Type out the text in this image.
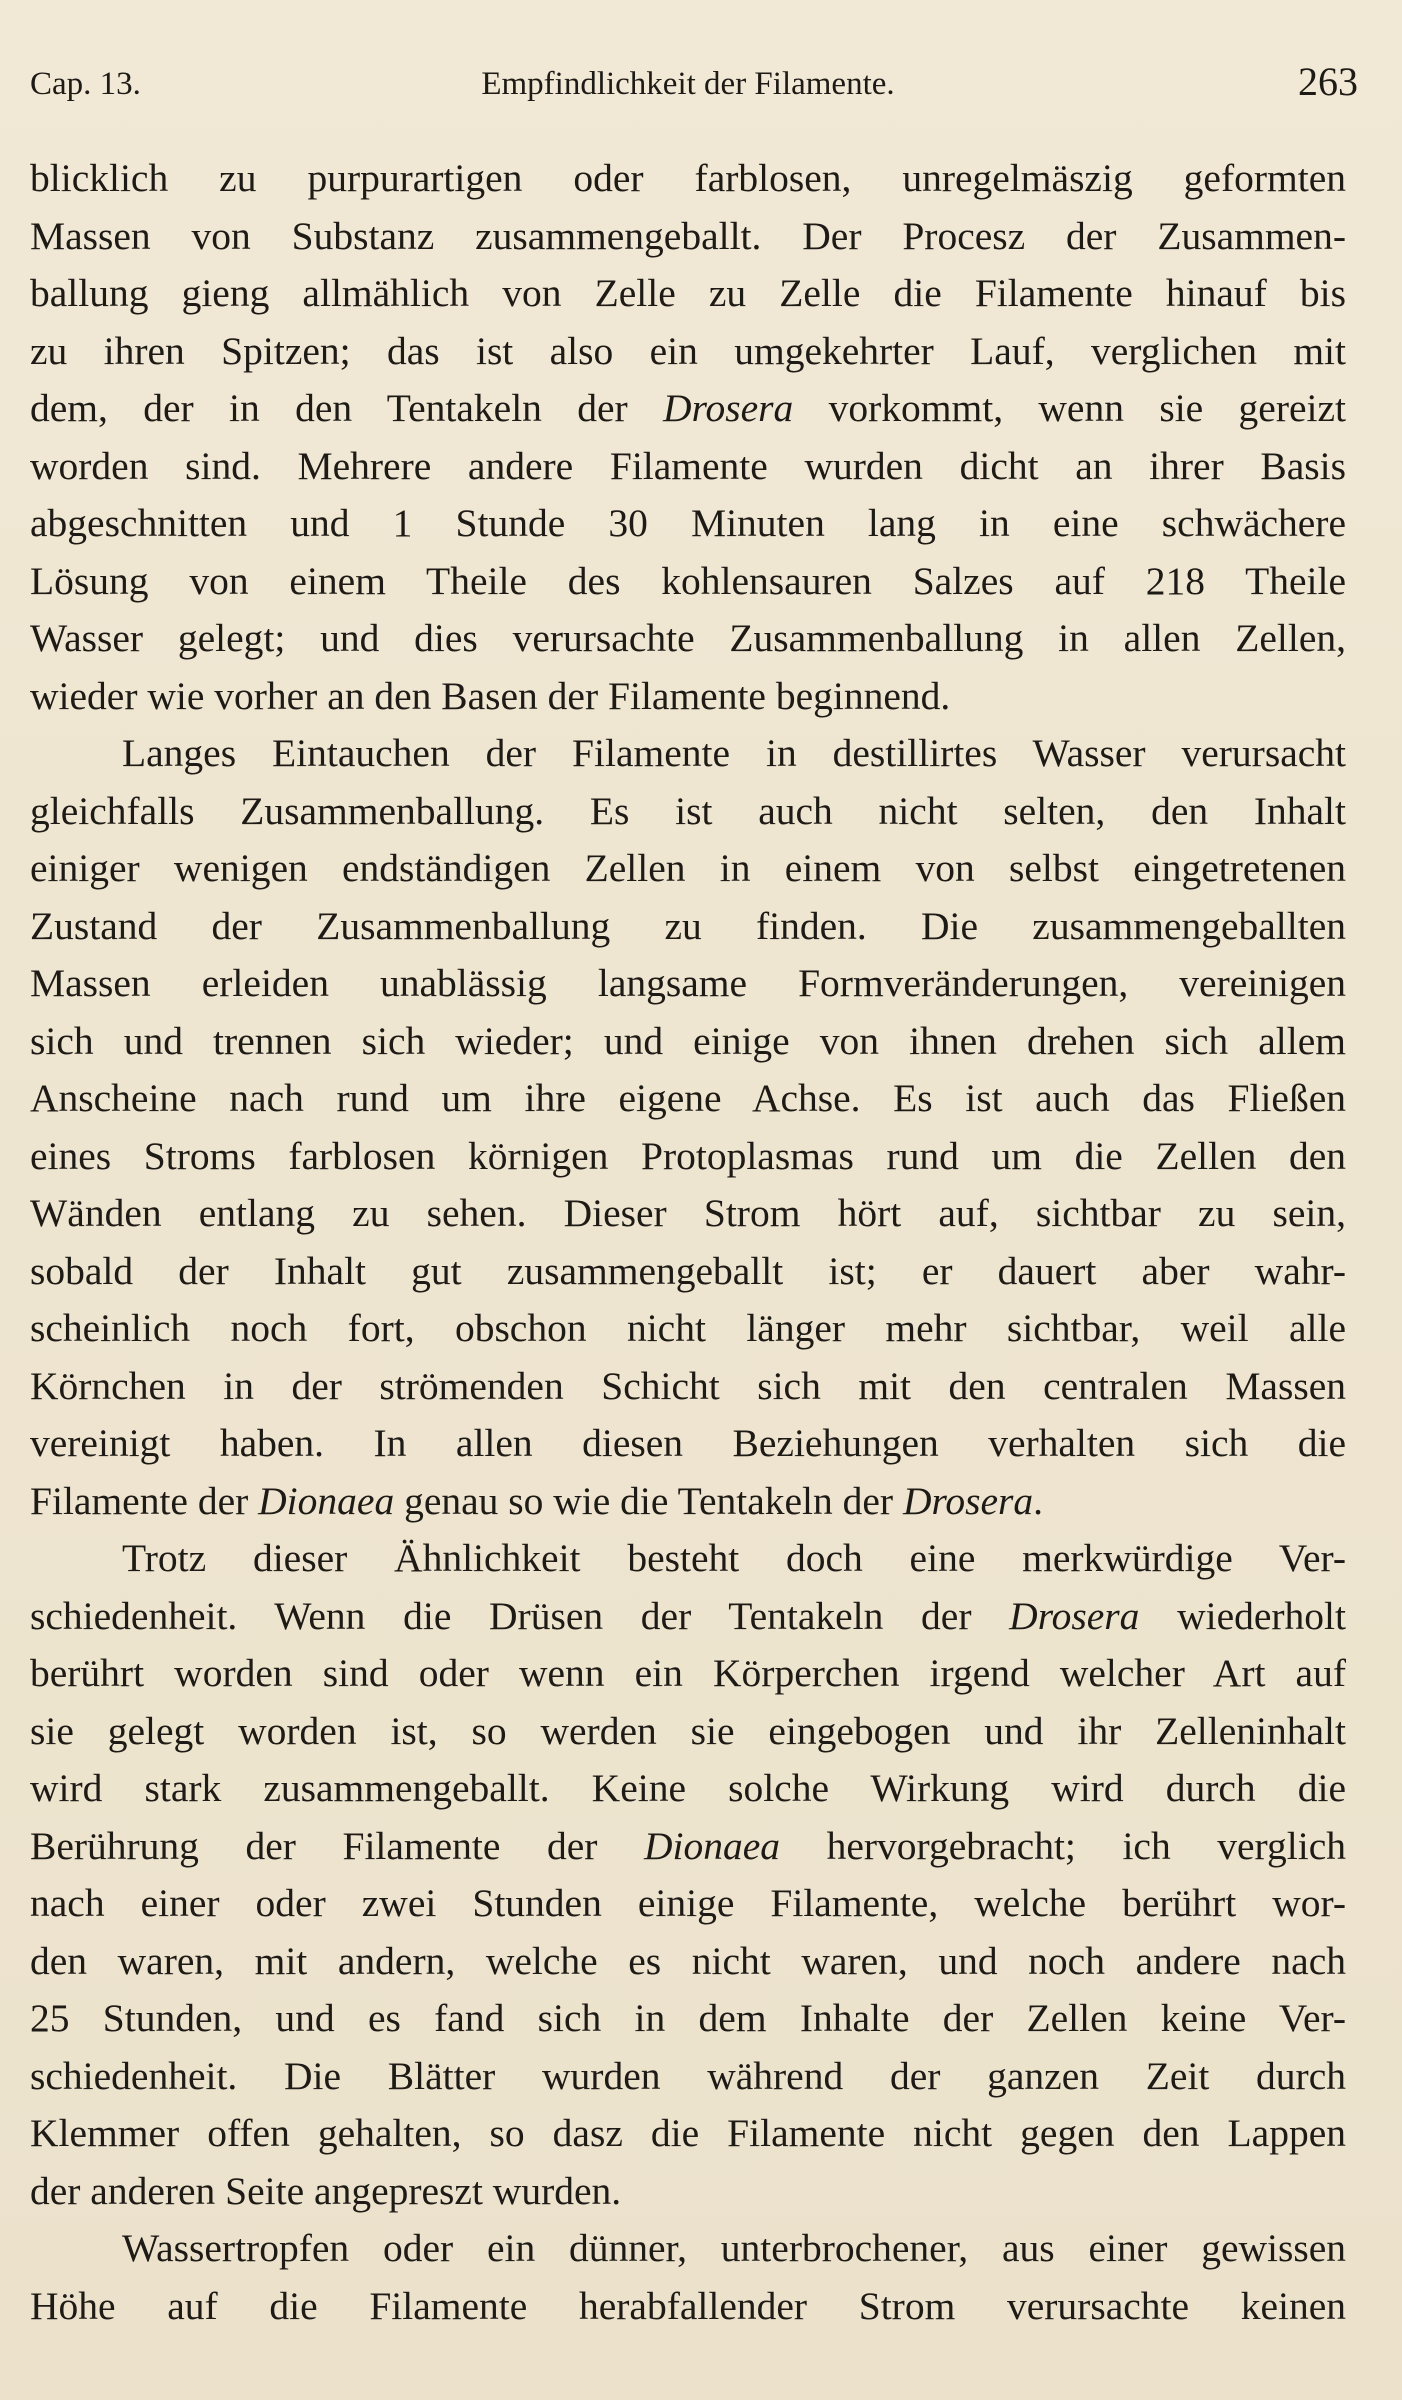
Cap. 13.	Empfindlichkeit der Filamente.	263
blicklich zu purpurartigen oder farblosen, unregelmäszig geformten
Massen von Substanz zusammengeballt. Der Procesz der Zusammen-
ballung gieng allmählich von Zelle zu Zelle die Filamente hinauf bis
zu ihren Spitzen; das ist also ein umgekehrter Lauf, verglichen mit
dem, der in den Tentakeln der Drosera vorkommt, wenn sie gereizt
worden sind. Mehrere andere Filamente wurden dicht an ihrer Basis
abgeschnitten und 1 Stunde 30 Minuten lang in eine schwächere
Lösung von einem Theile des kohlensauren Salzes auf 218 Theile
Wasser gelegt; und dies verursachte Zusammenballung in allen Zellen,
wieder wie vorher an den Basen der Filamente beginnend.
Langes Eintauchen der Filamente in destillirtes Wasser verursacht
gleichfalls Zusammenballung. Es ist auch nicht selten, den Inhalt
einiger wenigen endständigen Zellen in einem von selbst eingetretenen
Zustand der Zusammenballung zu finden. Die zusammengeballten
Massen erleiden unablässig langsame Formveränderungen, vereinigen
sich und trennen sich wieder; und einige von ihnen drehen sich allem
Anscheine nach rund um ihre eigene Achse. Es ist auch das Fließen
eines Stroms farblosen körnigen Protoplasmas rund um die Zellen den
Wänden entlang zu sehen. Dieser Strom hört auf, sichtbar zu sein,
sobald der Inhalt gut zusammengeballt ist; er dauert aber wahr-
scheinlich noch fort, obschon nicht länger mehr sichtbar, weil alle
Körnchen in der strömenden Schicht sich mit den centralen Massen
vereinigt haben. In allen diesen Beziehungen verhalten sich die
Filamente der Dionaea genau so wie die Tentakeln der Drosera.
Trotz dieser Ähnlichkeit besteht doch eine merkwürdige Ver-
schiedenheit. Wenn die Drüsen der Tentakeln der Drosera wiederholt
berührt worden sind oder wenn ein Körperchen irgend welcher Art auf
sie gelegt worden ist, so werden sie eingebogen und ihr Zelleninhalt
wird stark zusammengeballt. Keine solche Wirkung wird durch die
Berührung der Filamente der Dionaea hervorgebracht; ich verglich
nach einer oder zwei Stunden einige Filamente, welche berührt wor-
den waren, mit andern, welche es nicht waren, und noch andere nach
25 Stunden, und es fand sich in dem Inhalte der Zellen keine Ver-
schiedenheit. Die Blätter wurden während der ganzen Zeit durch
Klemmer offen gehalten, so dasz die Filamente nicht gegen den Lappen
der anderen Seite angepreszt wurden.
Wassertropfen oder ein dünner, unterbrochener, aus einer gewissen
Höhe auf die Filamente herabfallender Strom verursachte keinen
